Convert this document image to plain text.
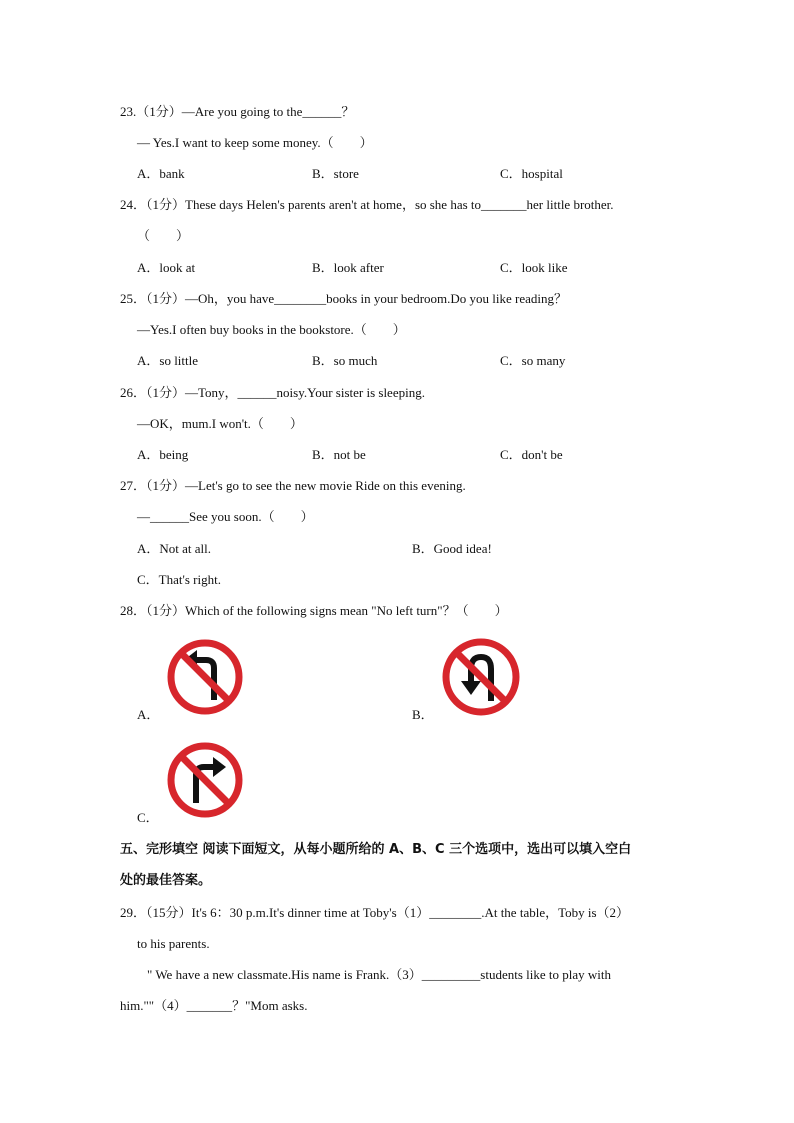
23.（1分）—Are you going to the______？
— Yes.I want to keep some money.（　　）
A．bank	B．store	C．hospital
24．（1分）These days Helen's parents aren't at home，so she has to_______her little brother.
（　　）
A．look at	B．look after	C．look like
25．（1分）—Oh，you have________books in your bedroom.Do you like reading？
—Yes.I often buy books in the bookstore.（　　）
A．so little	B．so much	C．so many
26．（1分）—Tony，______noisy.Your sister is sleeping.
—OK，mum.I won't.（　　）
A．being	B．not be	C．don't be
27．（1分）—Let's go to see the new movie Ride on this evening.
—______See you soon.（　　）
A．Not at all.	B．Good idea!
C．That's right.
28．（1分）Which of the following signs mean "No left turn"？（　　）
A．	B．
C．
五、完形填空 阅读下面短文，从每小题所给的 A、B、C 三个选项中，选出可以填入空白
处的最佳答案。
29．（15分）It's 6：30 p.m.It's dinner time at Toby's（1）________.At the table，Toby is（2）
to his parents.
" We have a new classmate.His name is Frank.（3）_________students like to play with
him.""（4）_______？"Mom asks.
